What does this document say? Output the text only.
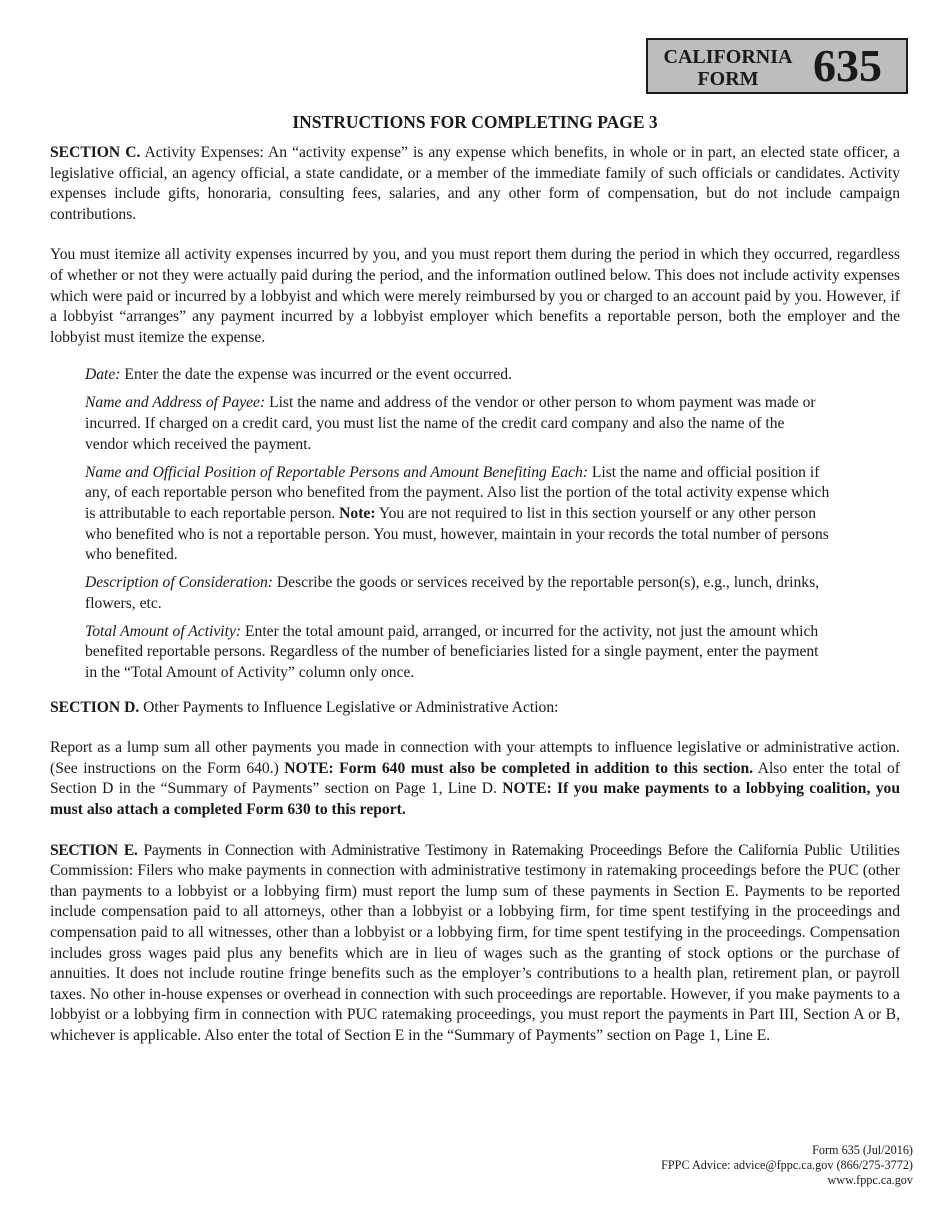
CALIFORNIA
FORM	635
INSTRUCTIONS FOR COMPLETING PAGE 3

SECTION C. Activity Expenses: An “activity expense” is any expense which benefits, in whole or in part, an elected state officer, a legislative official, an agency official, a state candidate, or a member of the immediate family of such officials or candidates. Activity expenses include gifts, honoraria, consulting fees, salaries, and any other form of compensation, but do not include campaign contributions.

You must itemize all activity expenses incurred by you, and you must report them during the period in which they occurred, regardless of whether or not they were actually paid during the period, and the information outlined below. This does not include activity expenses which were paid or incurred by a lobbyist and which were merely reimbursed by you or charged to an account paid by you. However, if a lobbyist “arranges” any payment incurred by a lobbyist employer which benefits a reportable person, both the employer and the lobbyist must itemize the expense.

Date: Enter the date the expense was incurred or the event occurred.

Name and Address of Payee: List the name and address of the vendor or other person to whom payment was made or incurred. If charged on a credit card, you must list the name of the credit card company and also the name of the vendor which received the payment.

Name and Official Position of Reportable Persons and Amount Benefiting Each: List the name and official position if any, of each reportable person who benefited from the payment. Also list the portion of the total activity expense which is attributable to each reportable person. Note: You are not required to list in this section yourself or any other person who benefited who is not a reportable person. You must, however, maintain in your records the total number of persons who benefited.

Description of Consideration: Describe the goods or services received by the reportable person(s), e.g., lunch, drinks, flowers, etc.

Total Amount of Activity: Enter the total amount paid, arranged, or incurred for the activity, not just the amount which benefited reportable persons. Regardless of the number of beneficiaries listed for a single payment, enter the payment in the “Total Amount of Activity” column only once.

SECTION D. Other Payments to Influence Legislative or Administrative Action:

Report as a lump sum all other payments you made in connection with your attempts to influence legislative or administrative action. (See instructions on the Form 640.) NOTE: Form 640 must also be completed in addition to this section. Also enter the total of Section D in the “Summary of Payments” section on Page 1, Line D. NOTE: If you make payments to a lobbying coalition, you must also attach a completed Form 630 to this report.

SECTION E. Payments in Connection with Administrative Testimony in Ratemaking Proceedings Before the California Public Utilities Commission: Filers who make payments in connection with administrative testimony in ratemaking proceedings before the PUC (other than payments to a lobbyist or a lobbying firm) must report the lump sum of these payments in Section E. Payments to be reported include compensation paid to all attorneys, other than a lobbyist or a lobbying firm, for time spent testifying in the proceedings and compensation paid to all witnesses, other than a lobbyist or a lobbying firm, for time spent testifying in the proceedings. Compensation includes gross wages paid plus any benefits which are in lieu of wages such as the granting of stock options or the purchase of annuities. It does not include routine fringe benefits such as the employer’s contributions to a health plan, retirement plan, or payroll taxes. No other in-house expenses or overhead in connection with such proceedings are reportable. However, if you make payments to a lobbyist or a lobbying firm in connection with PUC ratemaking proceedings, you must report the payments in Part III, Section A or B, whichever is applicable. Also enter the total of Section E in the “Summary of Payments” section on Page 1, Line E.

Form 635 (Jul/2016)
FPPC Advice: advice@fppc.ca.gov (866/275-3772)
www.fppc.ca.gov
